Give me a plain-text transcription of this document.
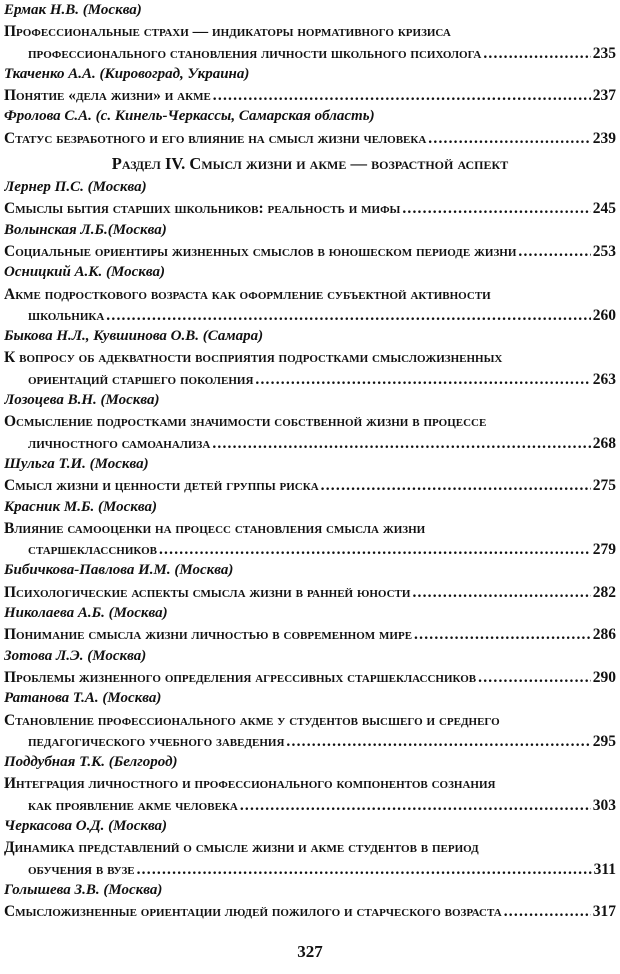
Ермак Н.В. (Москва)
Профессиональные страхи — индикаторы нормативного кризиса
профессионального становления личности школьного психолога .....	235
Ткаченко А.А. (Кировоград, Украина)
Понятие «дела жизни» и акме .....	237
Фролова С.А. (с. Кинель-Черкассы, Самарская область)
Статус безработного и его влияние на смысл жизни человека .....	239
Раздел IV. Смысл жизни и акме — возрастной аспект
Лернер П.С. (Москва)
Смыслы бытия старших школьников: реальность и мифы .....	245
Волынская Л.Б.(Москва)
Социальные ориентиры жизненных смыслов в юношеском периоде жизни .....	253
Осницкий А.К. (Москва)
Акме подросткового возраста как оформление субъектной активности
школьника .....	260
Быкова Н.Л., Кувшинова О.В. (Самара)
К вопросу об адекватности восприятия подростками смысложизненных
ориентаций старшего поколения .....	263
Лозоцева В.Н. (Москва)
Осмысление подростками значимости собственной жизни в процессе
личностного самоанализа .....	268
Шульга Т.И. (Москва)
Смысл жизни и ценности детей группы риска .....	275
Красник М.Б. (Москва)
Влияние самооценки на процесс становления смысла жизни
старшеклассников .....	279
Бибичкова-Павлова И.М. (Москва)
Психологические аспекты смысла жизни в ранней юности .....	282
Николаева А.Б. (Москва)
Понимание смысла жизни личностью в современном мире .....	286
Зотова Л.Э. (Москва)
Проблемы жизненного определения агрессивных старшеклассников .....	290
Ратанова Т.А. (Москва)
Становление профессионального акме у студентов высшего и среднего
педагогического учебного заведения .....	295
Поддубная Т.К. (Белгород)
Интеграция личностного и профессионального компонентов сознания
как проявление акме человека .....	303
Черкасова О.Д. (Москва)
Динамика представлений о смысле жизни и акме студентов в период
обучения в вузе .....	311
Голышева З.В. (Москва)
Смысложизненные ориентации людей пожилого и старческого возраста .....	317
327
